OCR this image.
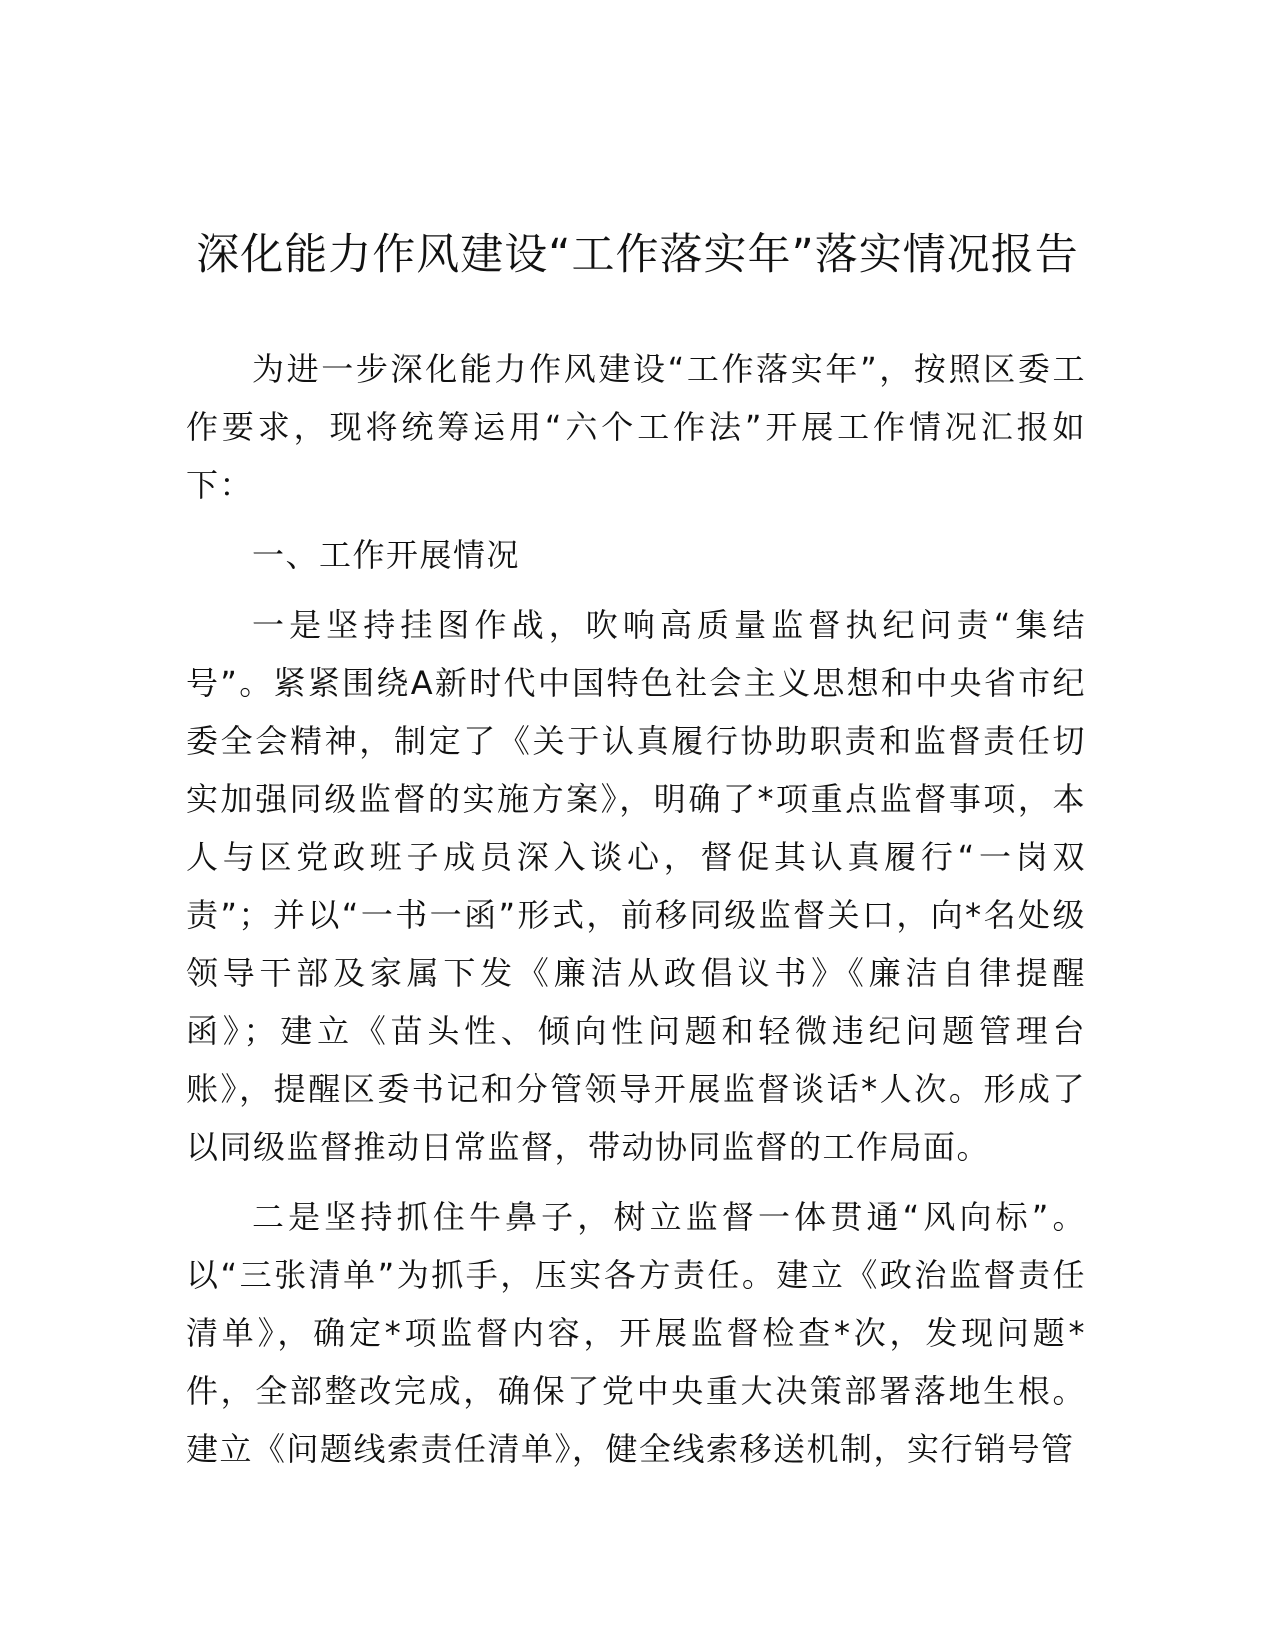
深化能力作风建设“工作落实年”落实情况报告

为进一步深化能力作风建设“工作落实年”，按照区委工作要求，现将统筹运用“六个工作法”开展工作情况汇报如下：

一、工作开展情况

一是坚持挂图作战，吹响高质量监督执纪问责“集结号”。紧紧围绕A新时代中国特色社会主义思想和中央省市纪委全会精神，制定了《关于认真履行协助职责和监督责任切实加强同级监督的实施方案》，明确了*项重点监督事项，本人与区党政班子成员深入谈心，督促其认真履行“一岗双责”；并以“一书一函”形式，前移同级监督关口，向*名处级领导干部及家属下发《廉洁从政倡议书》《廉洁自律提醒函》；建立《苗头性、倾向性问题和轻微违纪问题管理台账》，提醒区委书记和分管领导开展监督谈话*人次。形成了以同级监督推动日常监督，带动协同监督的工作局面。

二是坚持抓住牛鼻子，树立监督一体贯通“风向标”。以“三张清单”为抓手，压实各方责任。建立《政治监督责任清单》，确定*项监督内容，开展监督检查*次，发现问题*件，全部整改完成，确保了党中央重大决策部署落地生根。建立《问题线索责任清单》，健全线索移送机制，实行销号管
